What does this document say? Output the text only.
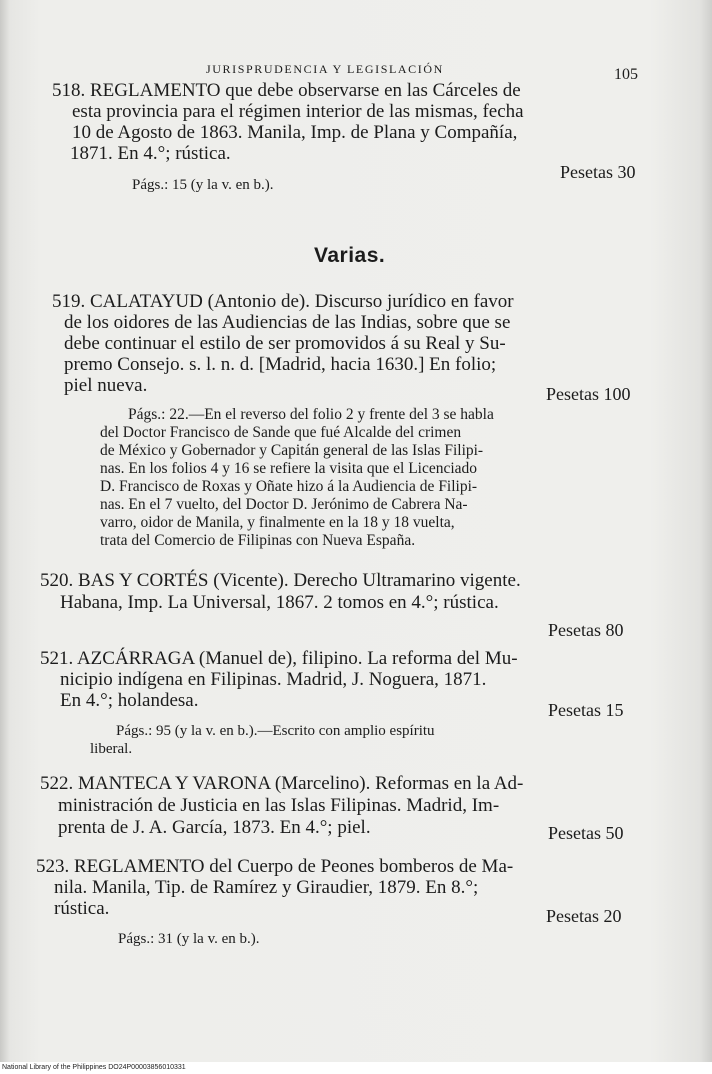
JURISPRUDENCIA Y LEGISLACIÓN	105
518. REGLAMENTO que debe observarse en las Cárceles de
esta provincia para el régimen interior de las mismas, fecha
10 de Agosto de 1863. Manila, Imp. de Plana y Compañía,
1871. En 4.°; rústica.
Pesetas 30
Págs.: 15 (y la v. en b.).
Varias.
519. CALATAYUD (Antonio de). Discurso jurídico en favor
de los oidores de las Audiencias de las Indias, sobre que se
debe continuar el estilo de ser promovidos á su Real y Su-
premo Consejo. s. l. n. d. [Madrid, hacia 1630.] En folio;
piel nueva.	Pesetas 100
Págs.: 22.—En el reverso del folio 2 y frente del 3 se habla
del Doctor Francisco de Sande que fué Alcalde del crimen
de México y Gobernador y Capitán general de las Islas Filipi-
nas. En los folios 4 y 16 se refiere la visita que el Licenciado
D. Francisco de Roxas y Oñate hizo á la Audiencia de Filipi-
nas. En el 7 vuelto, del Doctor D. Jerónimo de Cabrera Na-
varro, oidor de Manila, y finalmente en la 18 y 18 vuelta,
trata del Comercio de Filipinas con Nueva España.
520. BAS Y CORTÉS (Vicente). Derecho Ultramarino vigente.
Habana, Imp. La Universal, 1867. 2 tomos en 4.°; rústica.
Pesetas 80
521. AZCÁRRAGA (Manuel de), filipino. La reforma del Mu-
nicipio indígena en Filipinas. Madrid, J. Noguera, 1871.
En 4.°; holandesa.	Pesetas 15
Págs.: 95 (y la v. en b.).—Escrito con amplio espíritu
liberal.
522. MANTECA Y VARONA (Marcelino). Reformas en la Ad-
ministración de Justicia en las Islas Filipinas. Madrid, Im-
prenta de J. A. García, 1873. En 4.°; piel.	Pesetas 50
523. REGLAMENTO del Cuerpo de Peones bomberos de Ma-
nila. Manila, Tip. de Ramírez y Giraudier, 1879. En 8.°;
rústica.	Pesetas 20
Págs.: 31 (y la v. en b.).
National Library of the Philippines DO24P00003856010331
